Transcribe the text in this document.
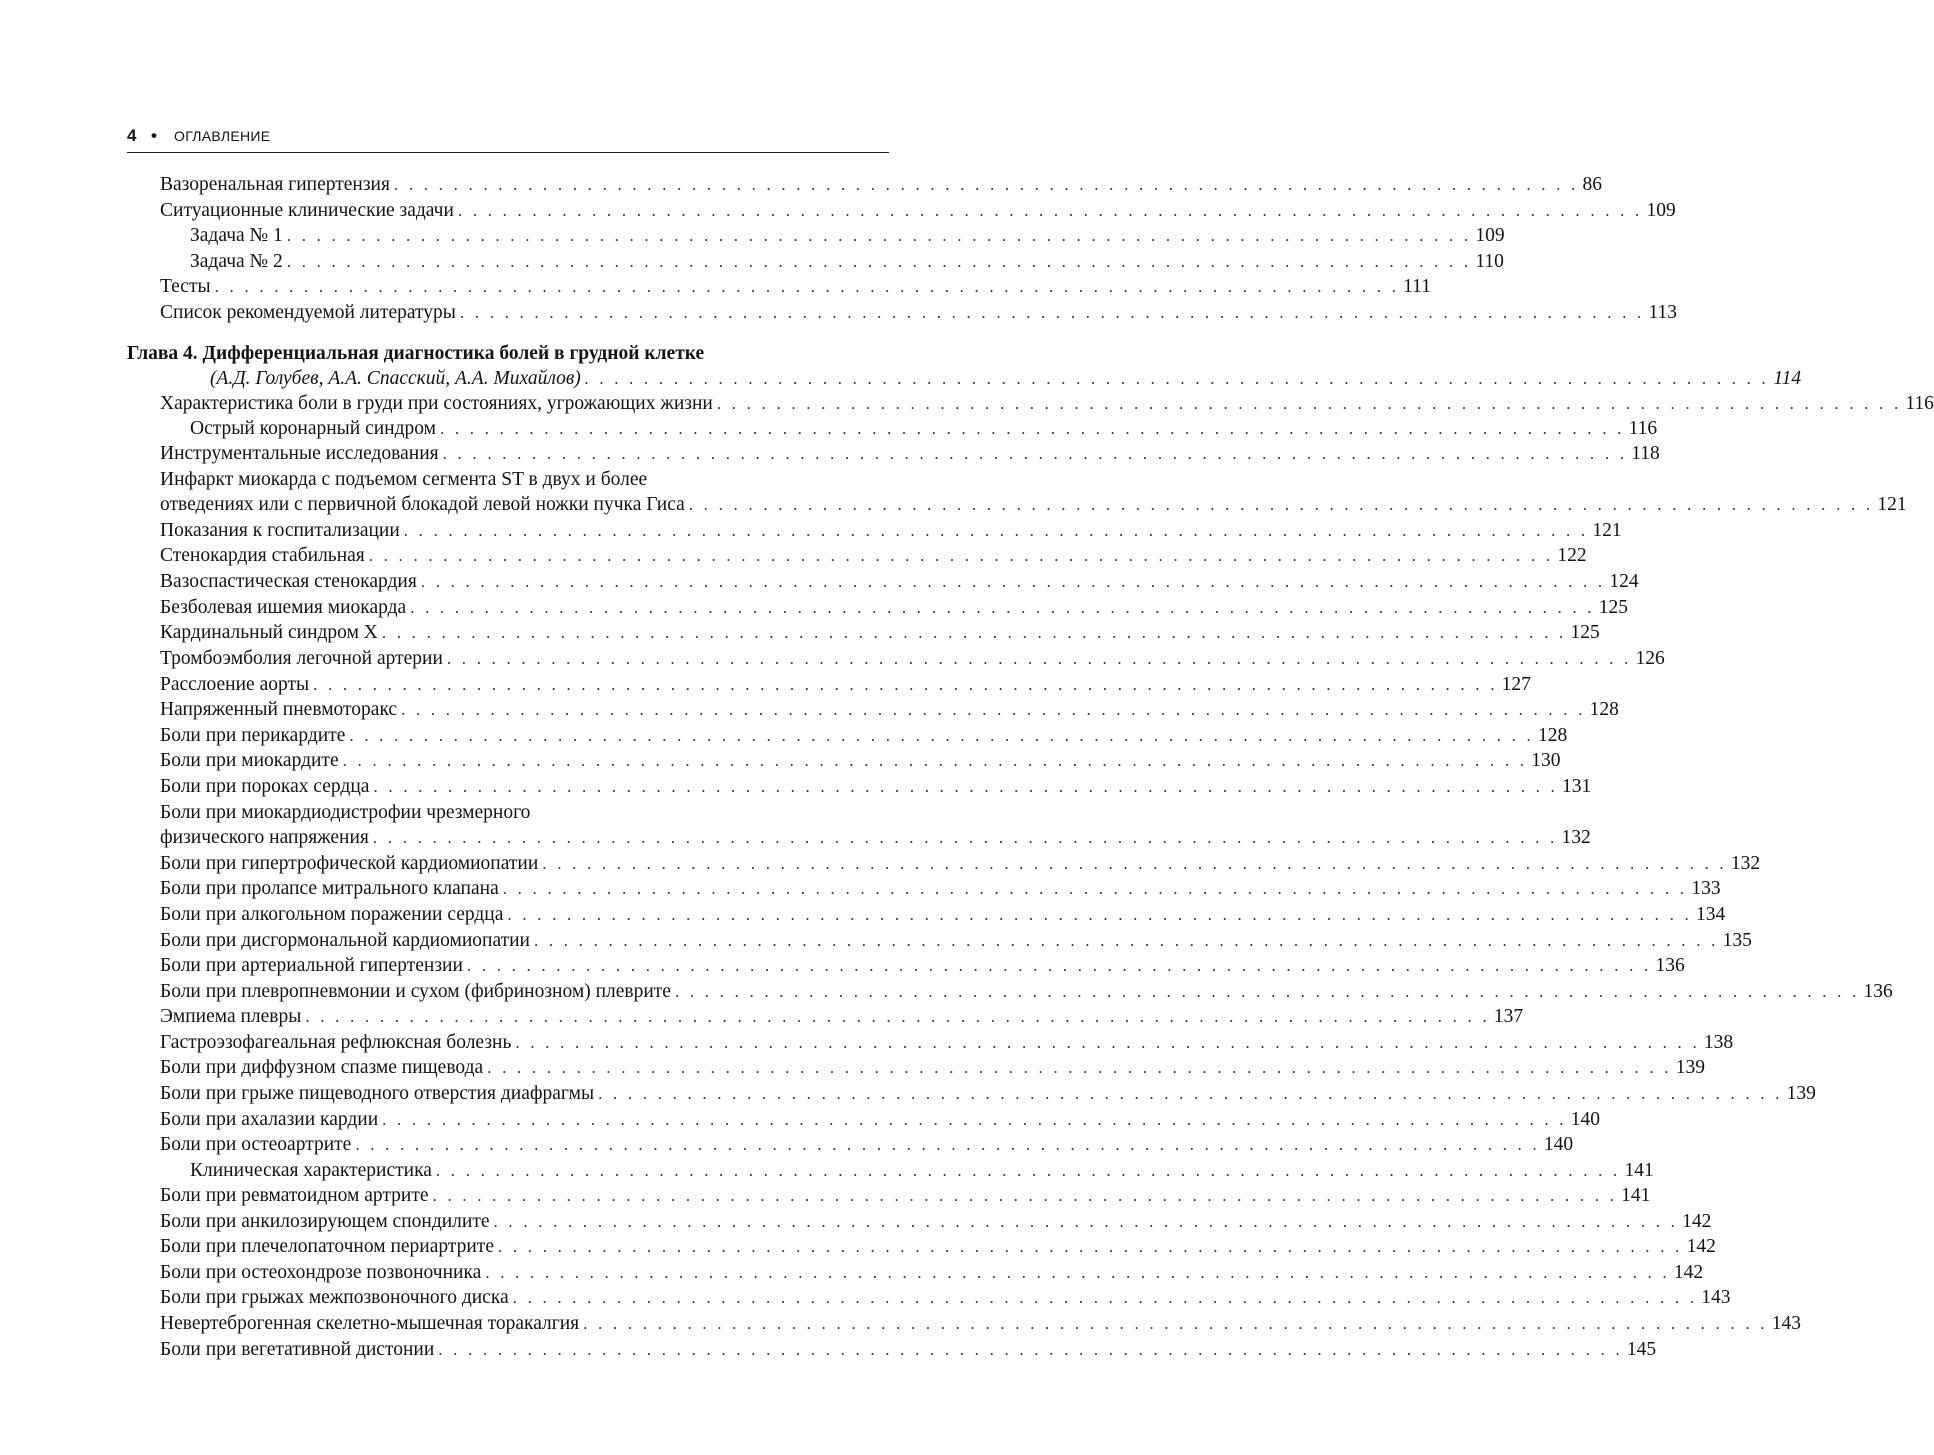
4 • ОГЛАВЛЕНИЕ
Вазоренальная гипертензия . . . . . . . . . . . . . . . . . . . . . . . . . . . . . . . . . . . . . . . . . . . . . . . . . . . . . . . . . . . . . . . . . . . . . . . . . . . . . . . . 86
Ситуационные клинические задачи . . . . . . . . . . . . . . . . . . . . . . . . . . . . . . . . . . . . . . . . . . . . . . . . . . . . . . . . . . . . . . . . . . . . . . . . . . . . . . . . 109
Задача № 1 . . . . . . . . . . . . . . . . . . . . . . . . . . . . . . . . . . . . . . . . . . . . . . . . . . . . . . . . . . . . . . . . . . . . . . . . . . . . . . . . 109
Задача № 2 . . . . . . . . . . . . . . . . . . . . . . . . . . . . . . . . . . . . . . . . . . . . . . . . . . . . . . . . . . . . . . . . . . . . . . . . . . . . . . . . 110
Тесты . . . . . . . . . . . . . . . . . . . . . . . . . . . . . . . . . . . . . . . . . . . . . . . . . . . . . . . . . . . . . . . . . . . . . . . . . . . . . . . . 111
Список рекомендуемой литературы . . . . . . . . . . . . . . . . . . . . . . . . . . . . . . . . . . . . . . . . . . . . . . . . . . . . . . . . . . . . . . . . . . . . . . . . . . . . . . . . 113
Глава 4. Дифференциальная диагностика болей в грудной клетке
(А.Д. Голубев, А.А. Спасский, А.А. Михайлов) . . . . . . . . . . . . . . . . . . . . . . . . . . . . . . . . . . . . . . . . . . . . . . . . . . . . . . . . . . . . . . . . . . . . . . . . . . . . . . . . 114
Характеристика боли в груди при состояниях, угрожающих жизни . . . . . . . . . . . . . . . . . . . . . . . . . . . . . . . . . . . . . . . . . . . . . . . . . . . . . . . . . . . . . . . . . . . . . . . . . . . . . . . . 116
Острый коронарный синдром . . . . . . . . . . . . . . . . . . . . . . . . . . . . . . . . . . . . . . . . . . . . . . . . . . . . . . . . . . . . . . . . . . . . . . . . . . . . . . . . 116
Инструментальные исследования . . . . . . . . . . . . . . . . . . . . . . . . . . . . . . . . . . . . . . . . . . . . . . . . . . . . . . . . . . . . . . . . . . . . . . . . . . . . . . . . 118
Инфаркт миокарда с подъемом сегмента ST в двух и более
отведениях или с первичной блокадой левой ножки пучка Гиса . . . . . . . . . . . . . . . . . . . . . . . . . . . . . . . . . . . . . . . . . . . . . . . . . . . . . . . . . . . . . . . . . . . . . . . . . . . . . . . . 121
Показания к госпитализации . . . . . . . . . . . . . . . . . . . . . . . . . . . . . . . . . . . . . . . . . . . . . . . . . . . . . . . . . . . . . . . . . . . . . . . . . . . . . . . . 121
Стенокардия стабильная . . . . . . . . . . . . . . . . . . . . . . . . . . . . . . . . . . . . . . . . . . . . . . . . . . . . . . . . . . . . . . . . . . . . . . . . . . . . . . . . 122
Вазоспастическая стенокардия . . . . . . . . . . . . . . . . . . . . . . . . . . . . . . . . . . . . . . . . . . . . . . . . . . . . . . . . . . . . . . . . . . . . . . . . . . . . . . . . 124
Безболевая ишемия миокарда . . . . . . . . . . . . . . . . . . . . . . . . . . . . . . . . . . . . . . . . . . . . . . . . . . . . . . . . . . . . . . . . . . . . . . . . . . . . . . . . 125
Кардинальный синдром X . . . . . . . . . . . . . . . . . . . . . . . . . . . . . . . . . . . . . . . . . . . . . . . . . . . . . . . . . . . . . . . . . . . . . . . . . . . . . . . . 125
Тромбоэмболия легочной артерии . . . . . . . . . . . . . . . . . . . . . . . . . . . . . . . . . . . . . . . . . . . . . . . . . . . . . . . . . . . . . . . . . . . . . . . . . . . . . . . . 126
Расслоение аорты . . . . . . . . . . . . . . . . . . . . . . . . . . . . . . . . . . . . . . . . . . . . . . . . . . . . . . . . . . . . . . . . . . . . . . . . . . . . . . . . 127
Напряженный пневмоторакс . . . . . . . . . . . . . . . . . . . . . . . . . . . . . . . . . . . . . . . . . . . . . . . . . . . . . . . . . . . . . . . . . . . . . . . . . . . . . . . . 128
Боли при перикардите . . . . . . . . . . . . . . . . . . . . . . . . . . . . . . . . . . . . . . . . . . . . . . . . . . . . . . . . . . . . . . . . . . . . . . . . . . . . . . . . 128
Боли при миокардите . . . . . . . . . . . . . . . . . . . . . . . . . . . . . . . . . . . . . . . . . . . . . . . . . . . . . . . . . . . . . . . . . . . . . . . . . . . . . . . . 130
Боли при пороках сердца . . . . . . . . . . . . . . . . . . . . . . . . . . . . . . . . . . . . . . . . . . . . . . . . . . . . . . . . . . . . . . . . . . . . . . . . . . . . . . . . 131
Боли при миокардиодистрофии чрезмерного
физического напряжения . . . . . . . . . . . . . . . . . . . . . . . . . . . . . . . . . . . . . . . . . . . . . . . . . . . . . . . . . . . . . . . . . . . . . . . . . . . . . . . . 132
Боли при гипертрофической кардиомиопатии . . . . . . . . . . . . . . . . . . . . . . . . . . . . . . . . . . . . . . . . . . . . . . . . . . . . . . . . . . . . . . . . . . . . . . . . . . . . . . . . 132
Боли при пролапсе митрального клапана . . . . . . . . . . . . . . . . . . . . . . . . . . . . . . . . . . . . . . . . . . . . . . . . . . . . . . . . . . . . . . . . . . . . . . . . . . . . . . . . 133
Боли при алкогольном поражении сердца . . . . . . . . . . . . . . . . . . . . . . . . . . . . . . . . . . . . . . . . . . . . . . . . . . . . . . . . . . . . . . . . . . . . . . . . . . . . . . . . 134
Боли при дисгормональной кардиомиопатии . . . . . . . . . . . . . . . . . . . . . . . . . . . . . . . . . . . . . . . . . . . . . . . . . . . . . . . . . . . . . . . . . . . . . . . . . . . . . . . . 135
Боли при артериальной гипертензии . . . . . . . . . . . . . . . . . . . . . . . . . . . . . . . . . . . . . . . . . . . . . . . . . . . . . . . . . . . . . . . . . . . . . . . . . . . . . . . . 136
Боли при плевропневмонии и сухом (фибринозном) плеврите . . . . . . . . . . . . . . . . . . . . . . . . . . . . . . . . . . . . . . . . . . . . . . . . . . . . . . . . . . . . . . . . . . . . . . . . . . . . . . . . 136
Эмпиема плевры . . . . . . . . . . . . . . . . . . . . . . . . . . . . . . . . . . . . . . . . . . . . . . . . . . . . . . . . . . . . . . . . . . . . . . . . . . . . . . . . 137
Гастроэзофагеальная рефлюксная болезнь . . . . . . . . . . . . . . . . . . . . . . . . . . . . . . . . . . . . . . . . . . . . . . . . . . . . . . . . . . . . . . . . . . . . . . . . . . . . . . . . 138
Боли при диффузном спазме пищевода . . . . . . . . . . . . . . . . . . . . . . . . . . . . . . . . . . . . . . . . . . . . . . . . . . . . . . . . . . . . . . . . . . . . . . . . . . . . . . . . 139
Боли при грыже пищеводного отверстия диафрагмы . . . . . . . . . . . . . . . . . . . . . . . . . . . . . . . . . . . . . . . . . . . . . . . . . . . . . . . . . . . . . . . . . . . . . . . . . . . . . . . . 139
Боли при ахалазии кардии . . . . . . . . . . . . . . . . . . . . . . . . . . . . . . . . . . . . . . . . . . . . . . . . . . . . . . . . . . . . . . . . . . . . . . . . . . . . . . . . 140
Боли при остеоартрите . . . . . . . . . . . . . . . . . . . . . . . . . . . . . . . . . . . . . . . . . . . . . . . . . . . . . . . . . . . . . . . . . . . . . . . . . . . . . . . . 140
Клиническая характеристика . . . . . . . . . . . . . . . . . . . . . . . . . . . . . . . . . . . . . . . . . . . . . . . . . . . . . . . . . . . . . . . . . . . . . . . . . . . . . . . . 141
Боли при ревматоидном артрите . . . . . . . . . . . . . . . . . . . . . . . . . . . . . . . . . . . . . . . . . . . . . . . . . . . . . . . . . . . . . . . . . . . . . . . . . . . . . . . . 141
Боли при анкилозирующем спондилите . . . . . . . . . . . . . . . . . . . . . . . . . . . . . . . . . . . . . . . . . . . . . . . . . . . . . . . . . . . . . . . . . . . . . . . . . . . . . . . . 142
Боли при плечелопаточном периартрите . . . . . . . . . . . . . . . . . . . . . . . . . . . . . . . . . . . . . . . . . . . . . . . . . . . . . . . . . . . . . . . . . . . . . . . . . . . . . . . . 142
Боли при остеохондрозе позвоночника . . . . . . . . . . . . . . . . . . . . . . . . . . . . . . . . . . . . . . . . . . . . . . . . . . . . . . . . . . . . . . . . . . . . . . . . . . . . . . . . 142
Боли при грыжах межпозвоночного диска . . . . . . . . . . . . . . . . . . . . . . . . . . . . . . . . . . . . . . . . . . . . . . . . . . . . . . . . . . . . . . . . . . . . . . . . . . . . . . . . 143
Невертеброгенная скелетно-мышечная торакалгия . . . . . . . . . . . . . . . . . . . . . . . . . . . . . . . . . . . . . . . . . . . . . . . . . . . . . . . . . . . . . . . . . . . . . . . . . . . . . . . . 143
Боли при вегетативной дистонии . . . . . . . . . . . . . . . . . . . . . . . . . . . . . . . . . . . . . . . . . . . . . . . . . . . . . . . . . . . . . . . . . . . . . . . . . . . . . . . . 145
